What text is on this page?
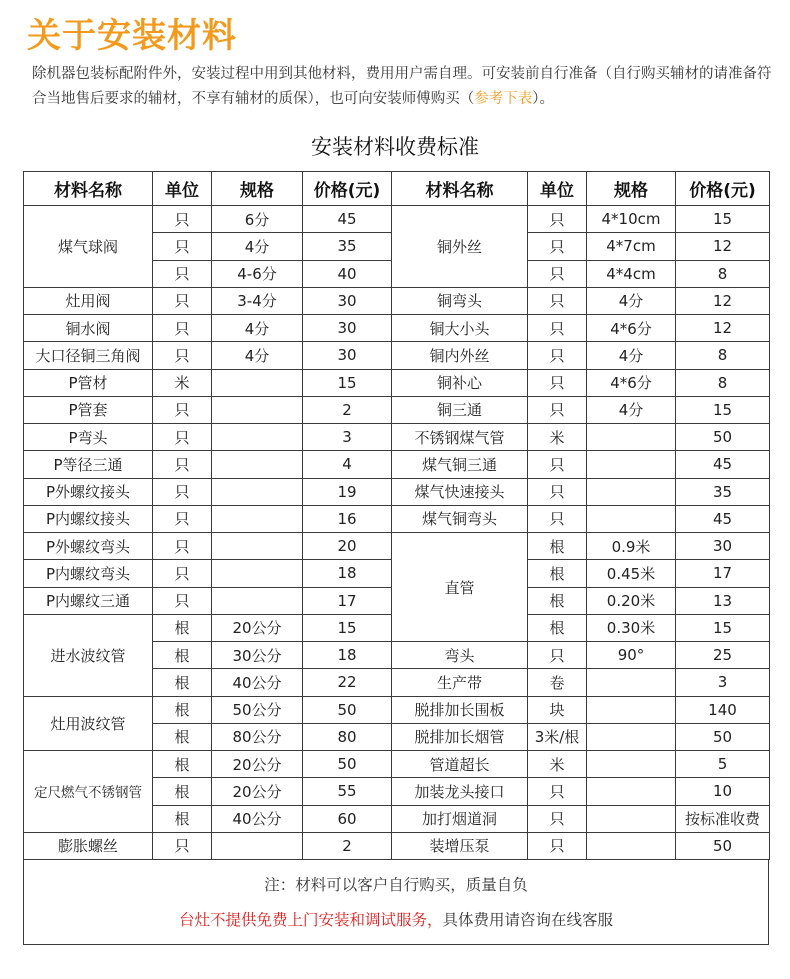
关于安装材料

除机器包装标配附件外，安装过程中用到其他材料，费用用户需自理。可安装前自行准备（自行购买辅材的请准备符合当地售后要求的辅材，不享有辅材的质保），也可向安装师傅购买（参考下表）。

安装材料收费标准
材料名称	单位	规格	价格(元)	材料名称	单位	规格	价格(元)
煤气球阀	只	6分	45	铜外丝	只	4*10cm	15
	只	4分	35		只	4*7cm	12
	只	4-6分	40		只	4*4cm	8
灶用阀	只	3-4分	30	铜弯头	只	4分	12
铜水阀	只	4分	30	铜大小头	只	4*6分	12
大口径铜三角阀	只	4分	30	铜内外丝	只	4分	8
P管材	米		15	铜补心	只	4*6分	8
P管套	只		2	铜三通	只	4分	15
P弯头	只		3	不锈钢煤气管	米		50
P等径三通	只		4	煤气铜三通	只		45
P外螺纹接头	只		19	煤气快速接头	只		35
P内螺纹接头	只		16	煤气铜弯头	只		45
P外螺纹弯头	只		20	直管	根	0.9米	30
P内螺纹弯头	只		18		根	0.45米	17
P内螺纹三通	只		17		根	0.20米	13
进水波纹管	根	20公分	15		根	0.30米	15
	根	30公分	18	弯头	只	90°	25
	根	40公分	22	生产带	卷		3
灶用波纹管	根	50公分	50	脱排加长围板	块		140
	根	80公分	80	脱排加长烟管	3米/根		50
定尺燃气不锈钢管	根	20公分	50	管道超长	米		5
	根	20公分	55	加装龙头接口	只		10
	根	40公分	60	加打烟道洞	只		按标准收费
膨胀螺丝	只		2	装增压泵	只		50
注：材料可以客户自行购买，质量自负
台灶不提供免费上门安装和调试服务，具体费用请咨询在线客服
